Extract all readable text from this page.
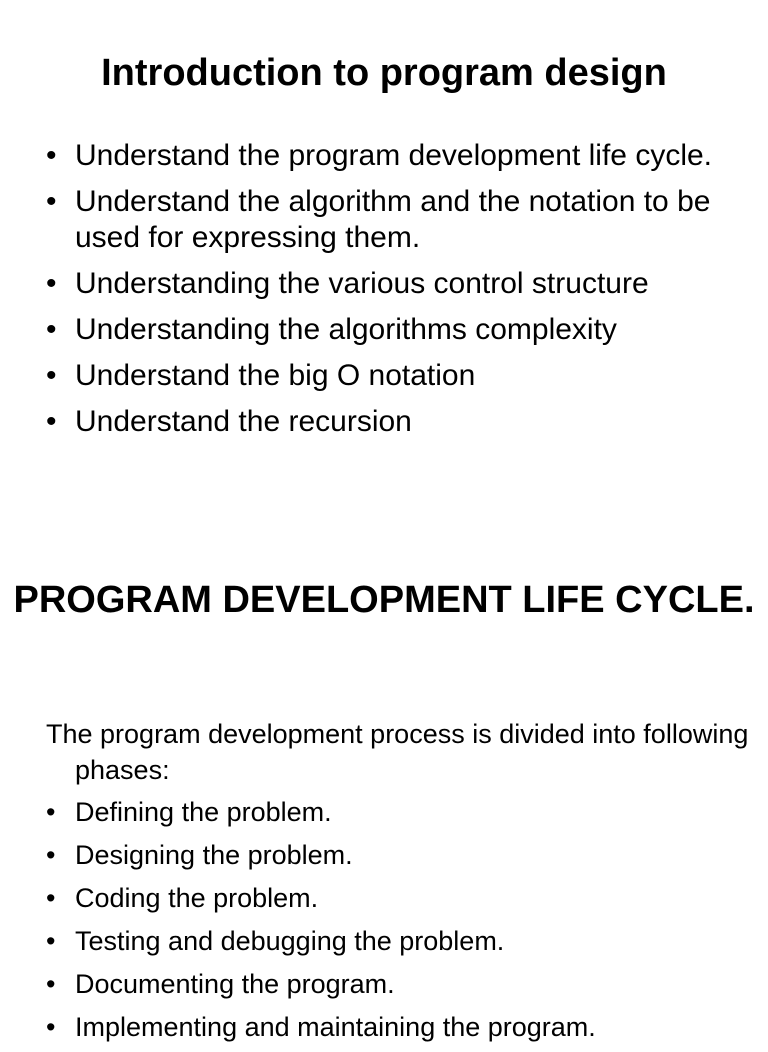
Introduction to program design
• Understand the program development life cycle.
• Understand the algorithm and the notation to be used for expressing them.
• Understanding the various control structure
• Understanding the algorithms complexity
• Understand the big O notation
• Understand the recursion
PROGRAM DEVELOPMENT LIFE CYCLE.

The program development process is divided into following phases:

• Defining the problem.
• Designing the problem.
• Coding the problem.
• Testing and debugging the problem.
• Documenting the program.
• Implementing and maintaining the program.
